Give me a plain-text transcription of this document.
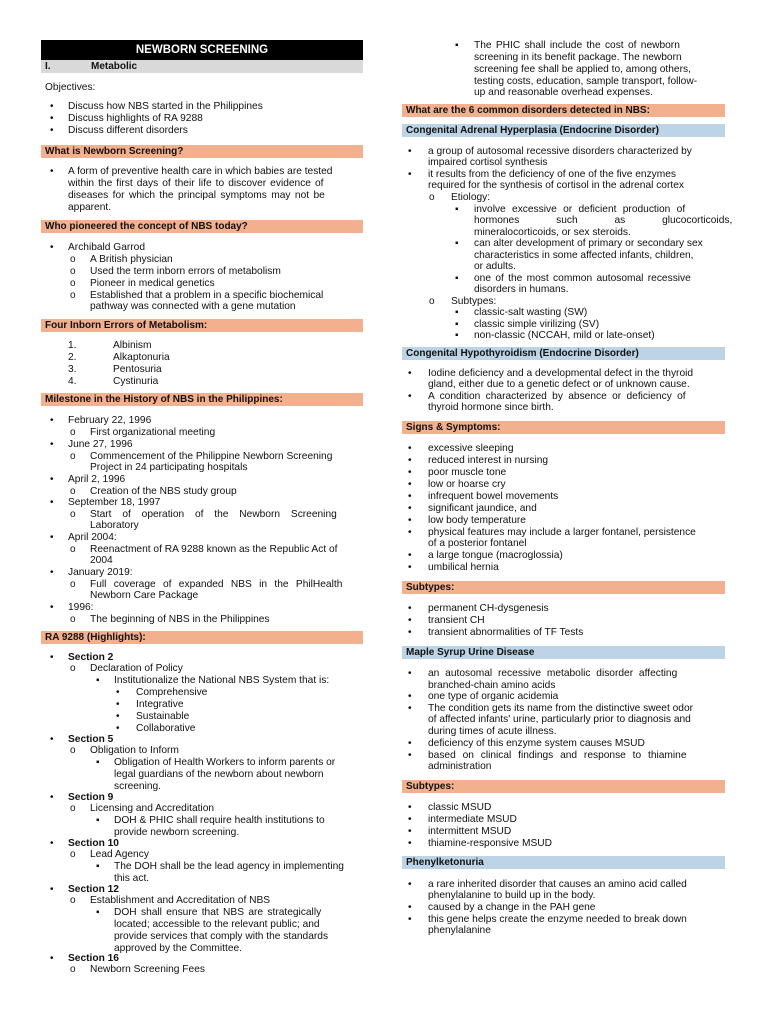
NEWBORN SCREENING
I.	Metabolic
Objectives:
• Discuss how NBS started in the Philippines
• Discuss highlights of RA 9288
• Discuss different disorders
What is Newborn Screening?
• A form of preventive health care in which babies are tested
within the first days of their life to discover evidence of
diseases for which the principal symptoms may not be
apparent.
Who pioneered the concept of NBS today?
• Archibald Garrod
o A British physician
o Used the term inborn errors of metabolism
o Pioneer in medical genetics
o Established that a problem in a specific biochemical
pathway was connected with a gene mutation
Four Inborn Errors of Metabolism:
1.	Albinism
2.	Alkaptonuria
3.	Pentosuria
4.	Cystinuria
Milestone in the History of NBS in the Philippines:
• February 22, 1996
o First organizational meeting
• June 27, 1996
o Commencement of the Philippine Newborn Screening
Project in 24 participating hospitals
• April 2, 1996
o Creation of the NBS study group
• September 18, 1997
o Start of operation of the Newborn Screening
Laboratory
• April 2004:
o Reenactment of RA 9288 known as the Republic Act of
2004
• January 2019:
o Full coverage of expanded NBS in the PhilHealth
Newborn Care Package
• 1996:
o The beginning of NBS in the Philippines
RA 9288 (Highlights):
• Section 2
o Declaration of Policy
▪ Institutionalize the National NBS System that is:
• Comprehensive
• Integrative
• Sustainable
• Collaborative
• Section 5
o Obligation to Inform
▪ Obligation of Health Workers to inform parents or
legal guardians of the newborn about newborn
screening.
• Section 9
o Licensing and Accreditation
▪ DOH & PHIC shall require health institutions to
provide newborn screening.
• Section 10
o Lead Agency
▪ The DOH shall be the lead agency in implementing
this act.
• Section 12
o Establishment and Accreditation of NBS
▪ DOH shall ensure that NBS are strategically
located; accessible to the relevant public; and
provide services that comply with the standards
approved by the Committee.
• Section 16
o Newborn Screening Fees
▪ The PHIC shall include the cost of newborn
screening in its benefit package. The newborn
screening fee shall be applied to, among others,
testing costs, education, sample transport, follow-
up and reasonable overhead expenses.
What are the 6 common disorders detected in NBS:
Congenital Adrenal Hyperplasia (Endocrine Disorder)
• a group of autosomal recessive disorders characterized by
impaired cortisol synthesis
• it results from the deficiency of one of the five enzymes
required for the synthesis of cortisol in the adrenal cortex
o Etiology:
▪ involve excessive or deficient production of
hormones such as glucocorticoids,
mineralocorticoids, or sex steroids.
▪ can alter development of primary or secondary sex
characteristics in some affected infants, children,
or adults.
▪ one of the most common autosomal recessive
disorders in humans.
o Subtypes:
▪ classic-salt wasting (SW)
▪ classic simple virilizing (SV)
▪ non-classic (NCCAH, mild or late-onset)
Congenital Hypothyroidism (Endocrine Disorder)
• Iodine deficiency and a developmental defect in the thyroid
gland, either due to a genetic defect or of unknown cause.
• A condition characterized by absence or deficiency of
thyroid hormone since birth.
Signs & Symptoms:
• excessive sleeping
• reduced interest in nursing
• poor muscle tone
• low or hoarse cry
• infrequent bowel movements
• significant jaundice, and
• low body temperature
• physical features may include a larger fontanel, persistence
of a posterior fontanel
• a large tongue (macroglossia)
• umbilical hernia
Subtypes:
• permanent CH-dysgenesis
• transient CH
• transient abnormalities of TF Tests
Maple Syrup Urine Disease
• an autosomal recessive metabolic disorder affecting
branched-chain amino acids
• one type of organic acidemia
• The condition gets its name from the distinctive sweet odor
of affected infants' urine, particularly prior to diagnosis and
during times of acute illness.
• deficiency of this enzyme system causes MSUD
• based on clinical findings and response to thiamine
administration
Subtypes:
• classic MSUD
• intermediate MSUD
• intermittent MSUD
• thiamine-responsive MSUD
Phenylketonuria
• a rare inherited disorder that causes an amino acid called
phenylalanine to build up in the body.
• caused by a change in the PAH gene
• this gene helps create the enzyme needed to break down
phenylalanine
